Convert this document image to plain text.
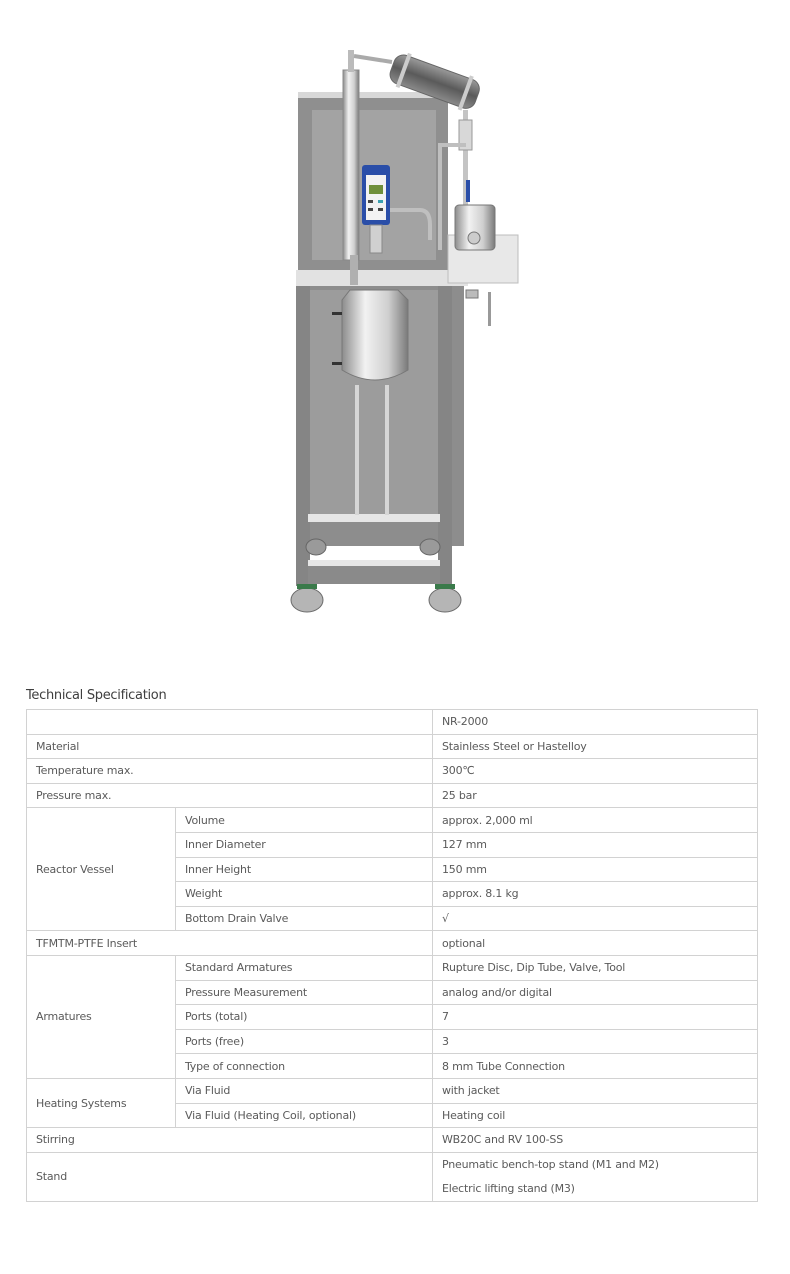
Technical Specification
		NR-2000
Material		Stainless Steel or Hastelloy
Temperature max.		300℃
Pressure max.		25 bar
Reactor Vessel	Volume	approx. 2,000 ml
	Inner Diameter	127 mm
	Inner Height	150 mm
	Weight	approx. 8.1 kg
	Bottom Drain Valve	√
TFMTM-PTFE Insert		optional
Armatures	Standard Armatures	Rupture Disc, Dip Tube, Valve, Tool
	Pressure Measurement	analog and/or digital
	Ports (total)	7
	Ports (free)	3
	Type of connection	8 mm Tube Connection
Heating Systems	Via Fluid	with jacket
	Via Fluid (Heating Coil, optional)	Heating coil
Stirring		WB20C and RV 100-SS
Stand		Pneumatic bench-top stand (M1 and M2)
Electric lifting stand (M3)
